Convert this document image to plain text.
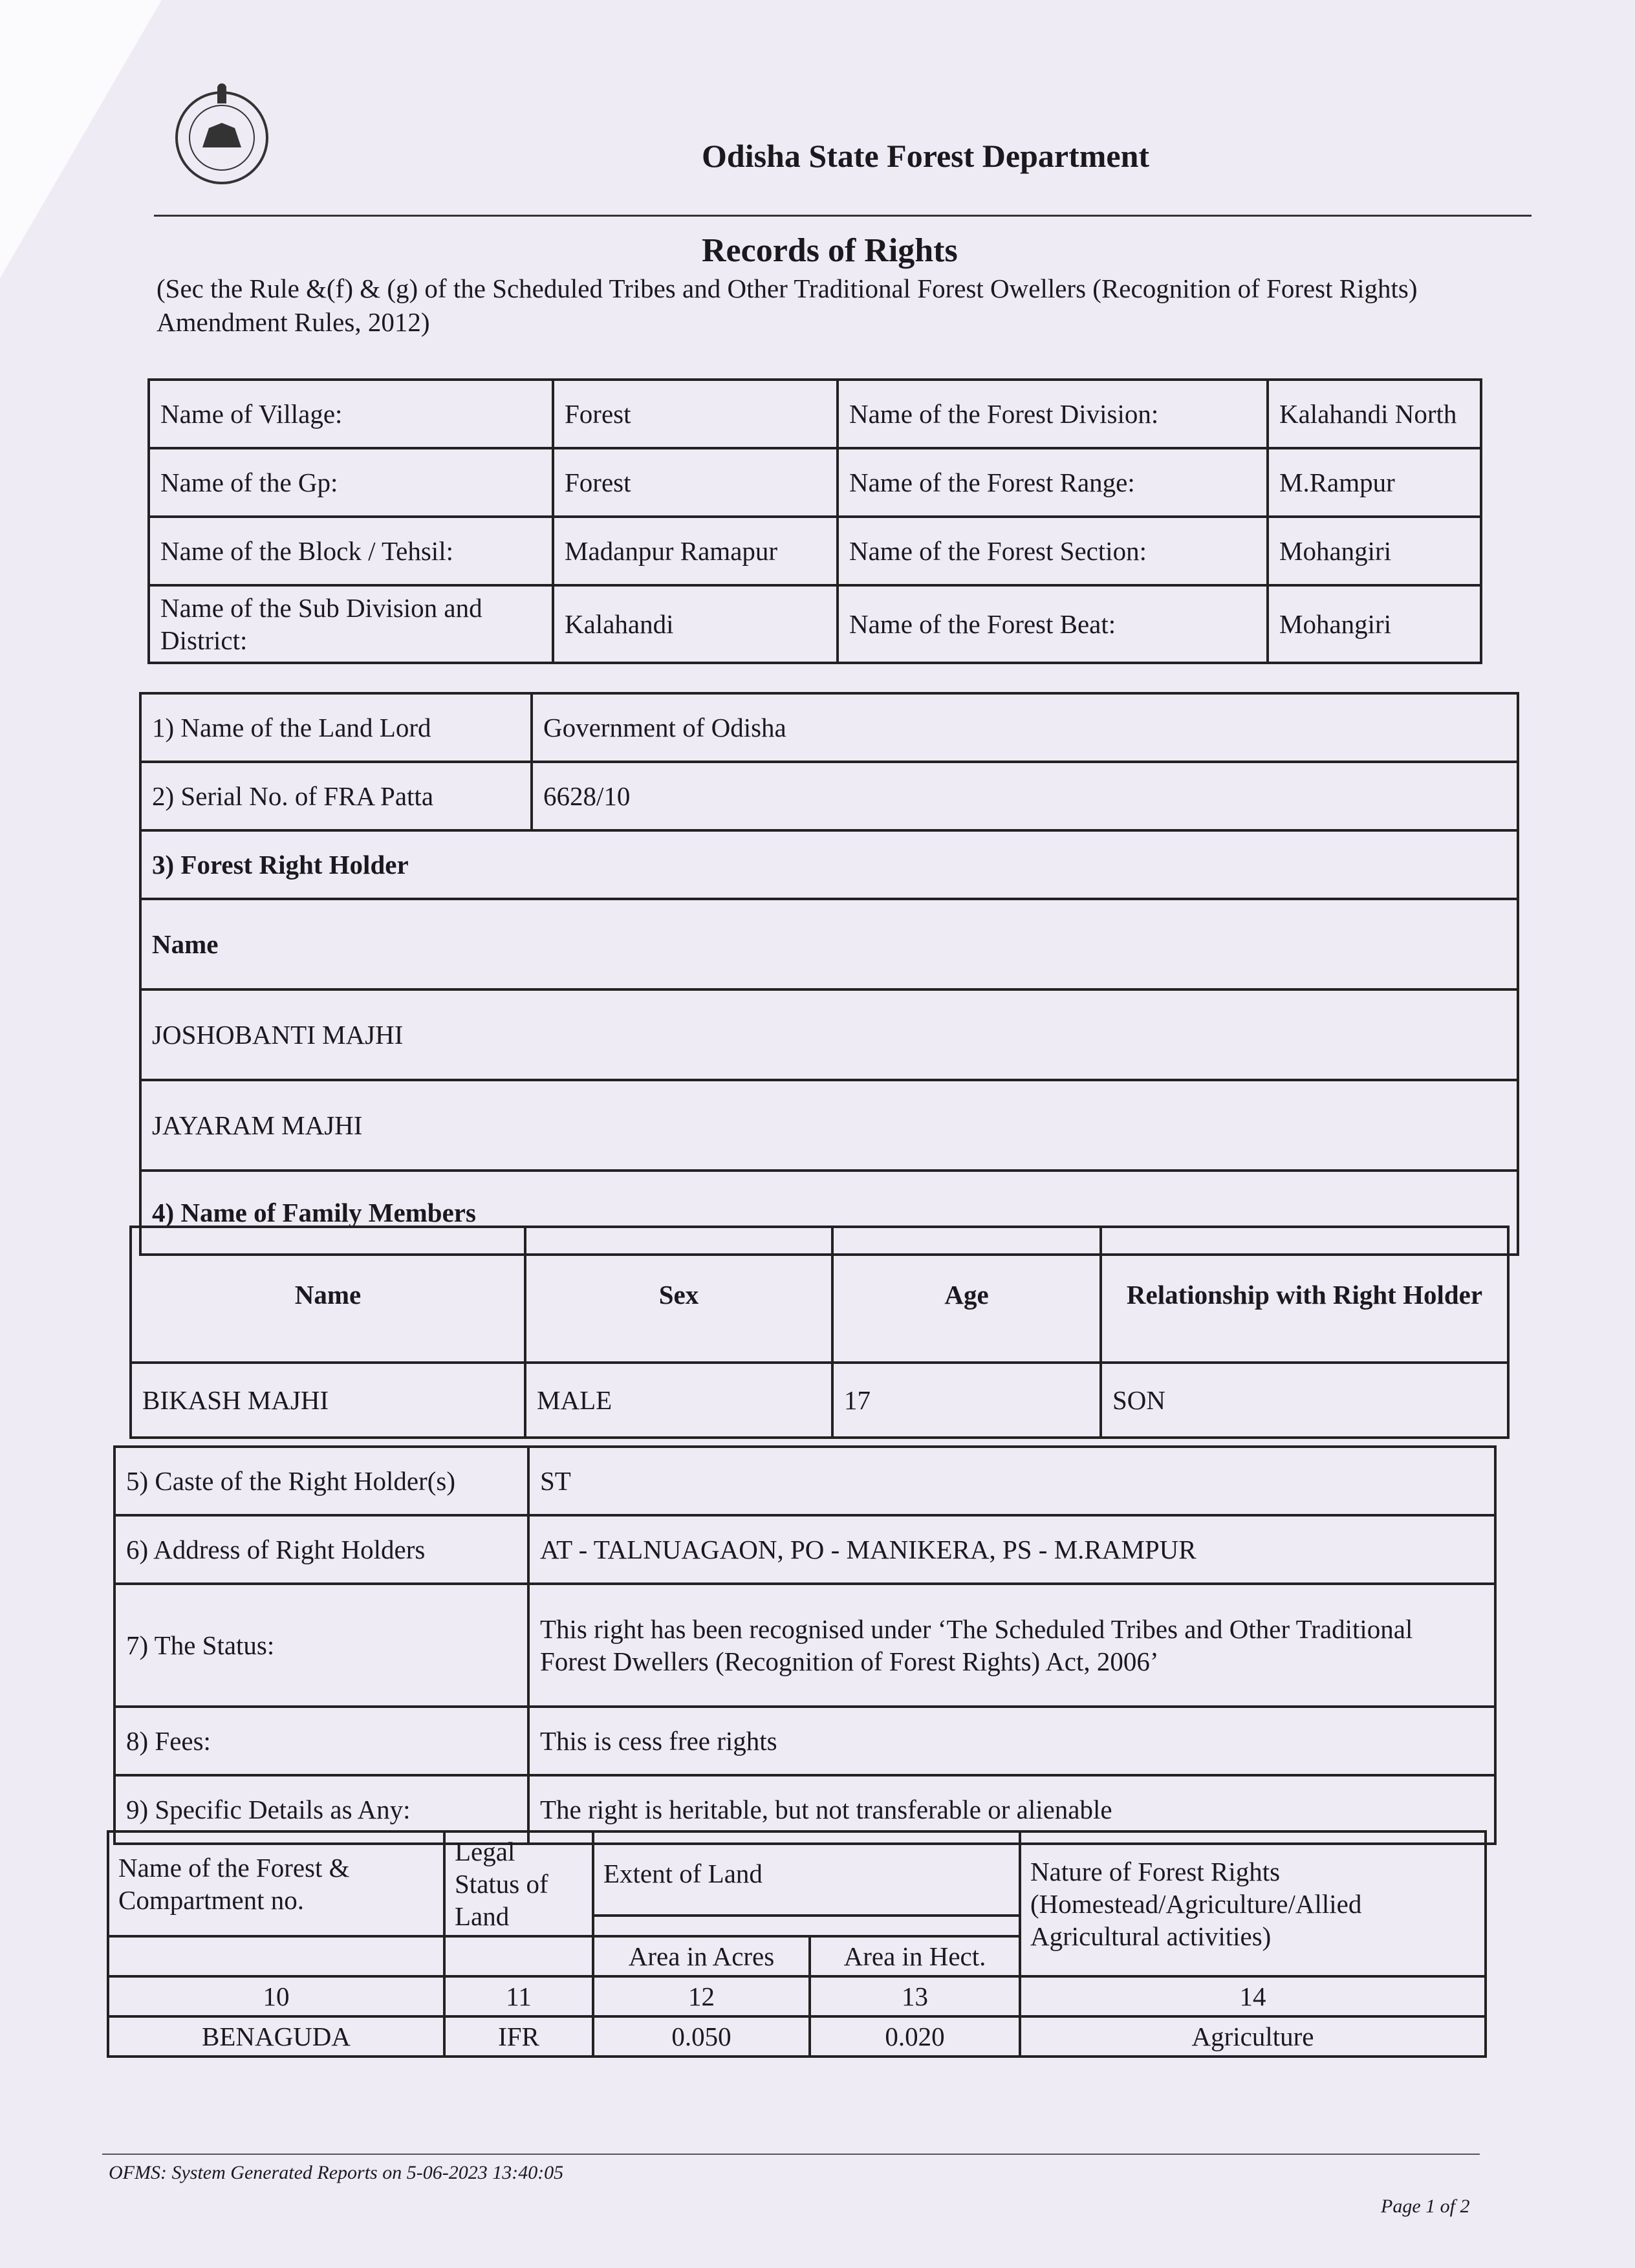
Odisha State Forest Department
Records of Rights
(Sec the Rule &(f) & (g) of the Scheduled Tribes and Other Traditional Forest Owellers (Recognition of Forest Rights) Amendment Rules, 2012)
Name of Village:	Forest	Name of the Forest Division:	Kalahandi North
Name of the Gp:	Forest	Name of the Forest Range:	M.Rampur
Name of the Block / Tehsil:	Madanpur Ramapur	Name of the Forest Section:	Mohangiri
Name of the Sub Division and District:	Kalahandi	Name of the Forest Beat:	Mohangiri
1) Name of the Land Lord	Government of Odisha
2) Serial No. of FRA Patta	6628/10
3) Forest Right Holder	
Name	
JOSHOBANTI MAJHI	
JAYARAM MAJHI	
4) Name of Family Members	
Name	Sex	Age	Relationship with Right Holder
BIKASH MAJHI	MALE	17	SON
5) Caste of the Right Holder(s)	ST
6) Address of Right Holders	AT - TALNUAGAON, PO - MANIKERA, PS - M.RAMPUR
7) The Status:	This right has been recognised under ‘The Scheduled Tribes and Other Traditional
Forest Dwellers (Recognition of Forest Rights) Act, 2006’

8) Fees:	This is cess free rights
9) Specific Details as Any:	The right is heritable, but not transferable or alienable
Name of the Forest & Compartment no.	Legal Status of Land	Extent of Land		Nature of Forest Rights (Homestead/Agriculture/Allied Agricultural activities)

		Area in Acres	Area in Hect.	
10	11	12	13	14
BENAGUDA	IFR	0.050	0.020	Agriculture
OFMS: System Generated Reports on 5-06-2023 13:40:05
Page 1 of 2
